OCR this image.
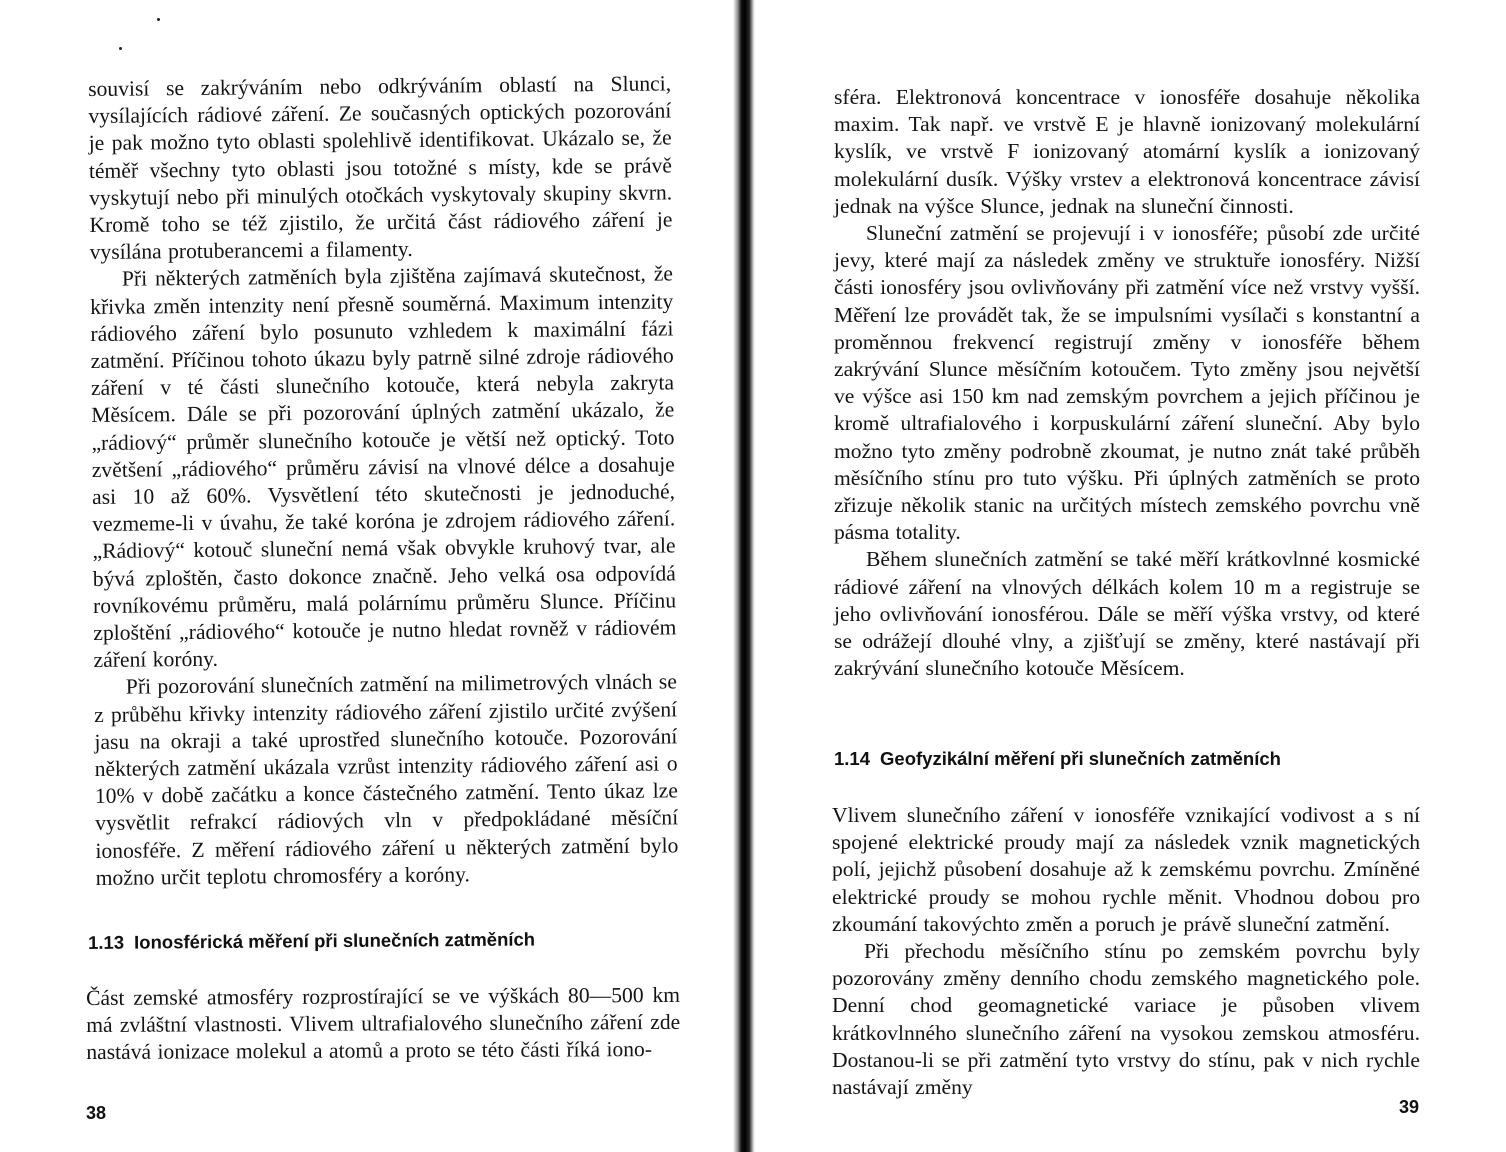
souvisí se zakrýváním nebo odkrýváním oblastí na Slunci, vysílajících rádiové záření. Ze současných optických pozorování je pak možno tyto oblasti spolehlivě identifikovat. Ukázalo se, že téměř všechny tyto oblasti jsou totožné s místy, kde se právě vyskytují nebo při minulých otočkách vyskytovaly skupiny skvrn. Kromě toho se též zjistilo, že určitá část rádiového záření je vysílána protuberancemi a filamenty.

Při některých zatměních byla zjištěna zajímavá skutečnost, že křivka změn intenzity není přesně souměrná. Maximum intenzity rádiového záření bylo posunuto vzhledem k maximální fázi zatmění. Příčinou tohoto úkazu byly patrně silné zdroje rádiového záření v té části slunečního kotouče, která nebyla zakryta Měsícem. Dále se při pozorování úplných zatmění ukázalo, že „rádiový“ průměr slunečního kotouče je větší než optický. Toto zvětšení „rádiového“ průměru závisí na vlnové délce a dosahuje asi 10 až 60%. Vysvětlení této skutečnosti je jednoduché, vezmeme-li v úvahu, že také koróna je zdrojem rádiového záření. „Rádiový“ kotouč sluneční nemá však obvykle kruhový tvar, ale bývá zploštěn, často dokonce značně. Jeho velká osa odpovídá rovníkovému průměru, malá polárnímu průměru Slunce. Příčinu zploštění „rádiového“ kotouče je nutno hledat rovněž v rádiovém záření koróny.

Při pozorování slunečních zatmění na milimetrových vlnách se z průběhu křivky intenzity rádiového záření zjistilo určité zvýšení jasu na okraji a také uprostřed slunečního kotouče. Pozorování některých zatmění ukázala vzrůst intenzity rádiového záření asi o 10% v době začátku a konce částečného zatmění. Tento úkaz lze vysvětlit refrakcí rádiových vln v předpokládané měsíční ionosféře. Z měření rádiového záření u některých zatmění bylo možno určit teplotu chromosféry a koróny.

1.13 Ionosférická měření při slunečních zatměních

Část zemské atmosféry rozprostírající se ve výškách 80—500 km má zvláštní vlastnosti. Vlivem ultrafialového slunečního záření zde nastává ionizace molekul a atomů a proto se této části říká iono-

38

sféra. Elektronová koncentrace v ionosféře dosahuje několika maxim. Tak např. ve vrstvě E je hlavně ionizovaný molekulární kyslík, ve vrstvě F ionizovaný atomární kyslík a ionizovaný molekulární dusík. Výšky vrstev a elektronová koncentrace závisí jednak na výšce Slunce, jednak na sluneční činnosti.

Sluneční zatmění se projevují i v ionosféře; působí zde určité jevy, které mají za následek změny ve struktuře ionosféry. Nižší části ionosféry jsou ovlivňovány při zatmění více než vrstvy vyšší. Měření lze provádět tak, že se impulsními vysílači s konstantní a proměnnou frekvencí registrují změny v ionosféře během zakrývání Slunce měsíčním kotoučem. Tyto změny jsou největší ve výšce asi 150 km nad zemským povrchem a jejich příčinou je kromě ultrafialového i korpuskulární záření sluneční. Aby bylo možno tyto změny podrobně zkoumat, je nutno znát také průběh měsíčního stínu pro tuto výšku. Při úplných zatměních se proto zřizuje několik stanic na určitých místech zemského povrchu vně pásma totality.

Během slunečních zatmění se také měří krátkovlnné kosmické rádiové záření na vlnových délkách kolem 10 m a registruje se jeho ovlivňování ionosférou. Dále se měří výška vrstvy, od které se odrážejí dlouhé vlny, a zjišťují se změny, které nastávají při zakrývání slunečního kotouče Měsícem.

1.14 Geofyzikální měření při slunečních zatměních

Vlivem slunečního záření v ionosféře vznikající vodivost a s ní spojené elektrické proudy mají za následek vznik magnetických polí, jejichž působení dosahuje až k zemskému povrchu. Zmíněné elektrické proudy se mohou rychle měnit. Vhodnou dobou pro zkoumání takovýchto změn a poruch je právě sluneční zatmění.

Při přechodu měsíčního stínu po zemském povrchu byly pozorovány změny denního chodu zemského magnetického pole. Denní chod geomagnetické variace je působen vlivem krátkovlnného slunečního záření na vysokou zemskou atmosféru. Dostanou-li se při zatmění tyto vrstvy do stínu, pak v nich rychle nastávají změny

39
